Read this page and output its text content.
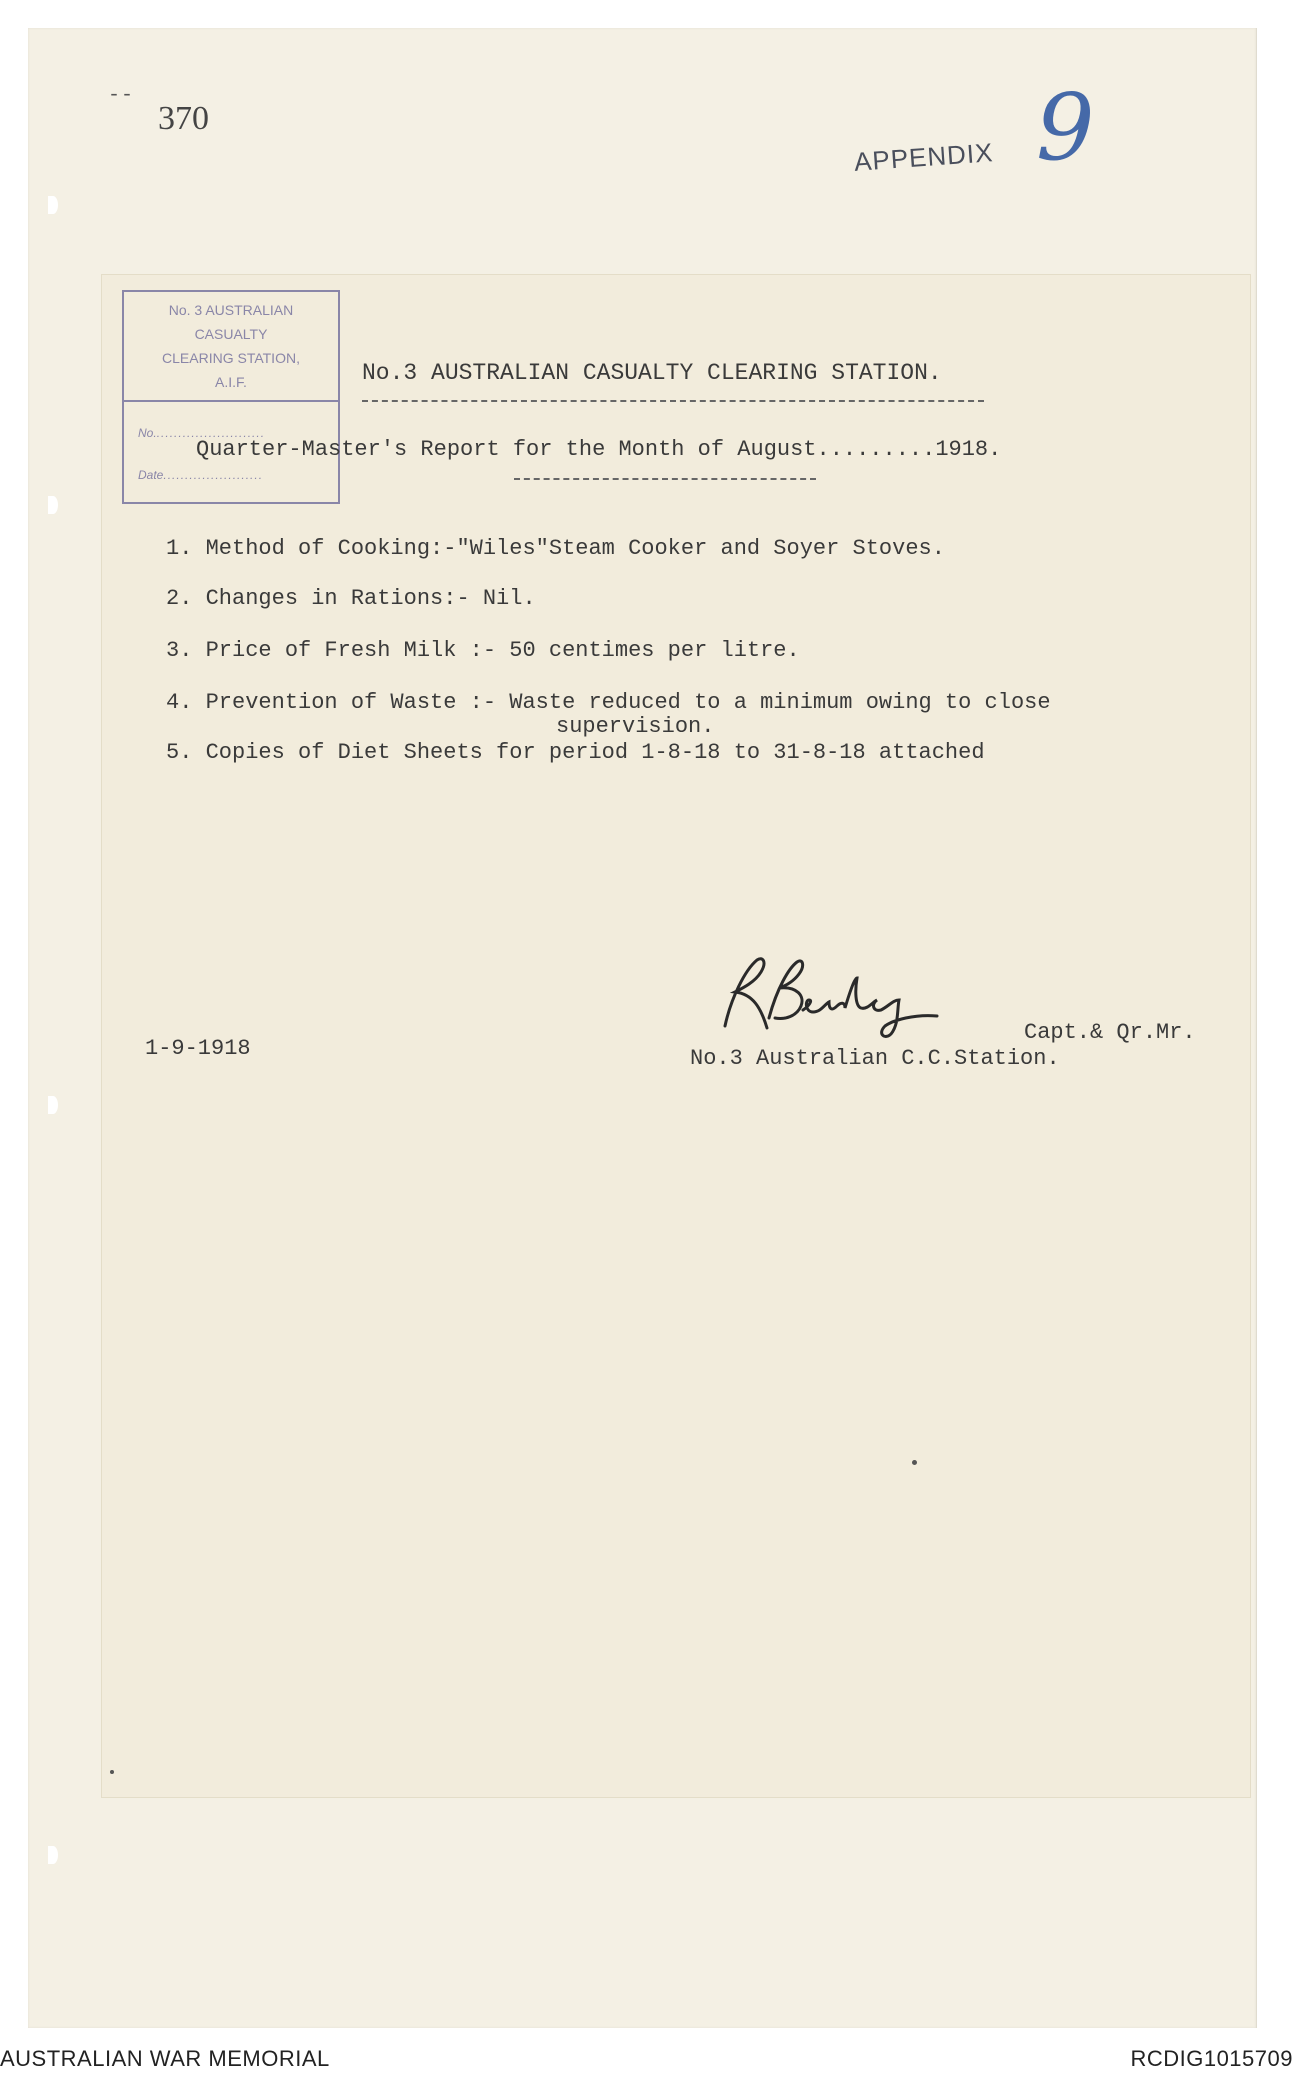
--
370
APPENDIX 9
No. 3 AUSTRALIAN
CASUALTY
CLEARING STATION,
A.I.F.
No..........................
Date.......................
No.3 AUSTRALIAN CASUALTY CLEARING STATION.
Quarter-Master's Report for the Month of August.........1918.
1. Method of Cooking:-"Wiles"Steam Cooker and Soyer Stoves.
2. Changes in Rations:- Nil.
3. Price of Fresh Milk :- 50 centimes per litre.
4. Prevention of Waste :- Waste reduced to a minimum owing to close
supervision.
5. Copies of Diet Sheets for period 1-8-18 to 31-8-18 attached
1-9-1918
Capt.& Qr.Mr.
No.3 Australian C.C.Station.
AUSTRALIAN WAR MEMORIAL	RCDIG1015709
